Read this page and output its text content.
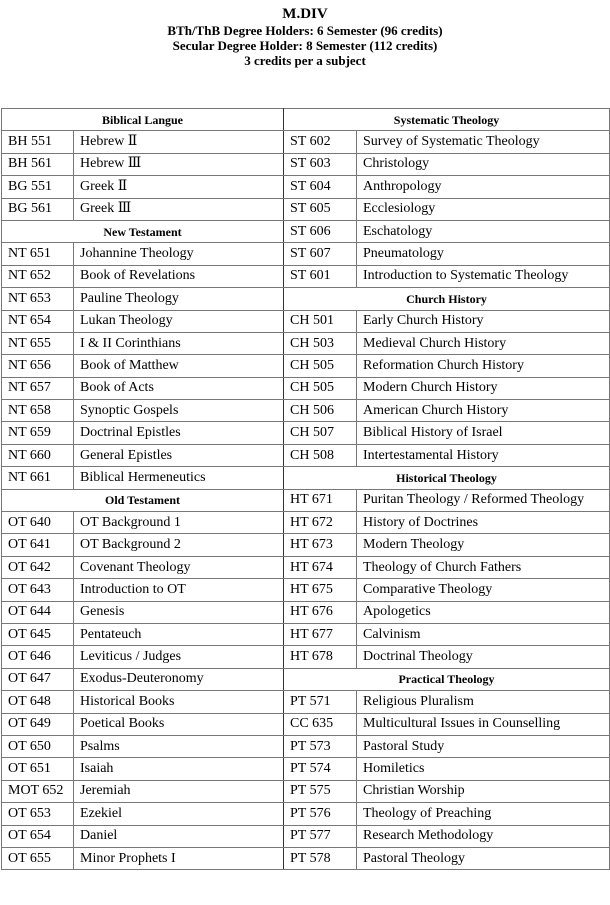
M.DIV
BTh/ThB Degree Holders: 6 Semester (96 credits)
Secular Degree Holder: 8 Semester (112 credits)
3 credits per a subject
Biblical Langue		Systematic Theology	
BH 551	Hebrew Ⅱ	ST 602	Survey of Systematic Theology
BH 561	Hebrew Ⅲ	ST 603	Christology
BG 551	Greek Ⅱ	ST 604	Anthropology
BG 561	Greek Ⅲ	ST 605	Ecclesiology
New Testament		ST 606	Eschatology
NT 651	Johannine Theology	ST 607	Pneumatology
NT 652	Book of Revelations	ST 601	Introduction to Systematic Theology
NT 653	Pauline Theology	Church History	
NT 654	Lukan Theology	CH 501	Early Church History
NT 655	I & II Corinthians	CH 503	Medieval Church History
NT 656	Book of Matthew	CH 505	Reformation Church History
NT 657	Book of Acts	CH 505	Modern Church History
NT 658	Synoptic Gospels	CH 506	American Church History
NT 659	Doctrinal Epistles	CH 507	Biblical History of Israel
NT 660	General Epistles	CH 508	Intertestamental History
NT 661	Biblical Hermeneutics	Historical Theology	
Old Testament		HT 671	Puritan Theology / Reformed Theology
OT 640	OT Background 1	HT 672	History of Doctrines
OT 641	OT Background 2	HT 673	Modern Theology
OT 642	Covenant Theology	HT 674	Theology of Church Fathers
OT 643	Introduction to OT	HT 675	Comparative Theology
OT 644	Genesis	HT 676	Apologetics
OT 645	Pentateuch	HT 677	Calvinism
OT 646	Leviticus / Judges	HT 678	Doctrinal Theology
OT 647	Exodus-Deuteronomy	Practical Theology	
OT 648	Historical Books	PT 571	Religious Pluralism
OT 649	Poetical Books	CC 635	Multicultural Issues in Counselling
OT 650	Psalms	PT 573	Pastoral Study
OT 651	Isaiah	PT 574	Homiletics
MOT 652	Jeremiah	PT 575	Christian Worship
OT 653	Ezekiel	PT 576	Theology of Preaching
OT 654	Daniel	PT 577	Research Methodology
OT 655	Minor Prophets I	PT 578	Pastoral Theology
